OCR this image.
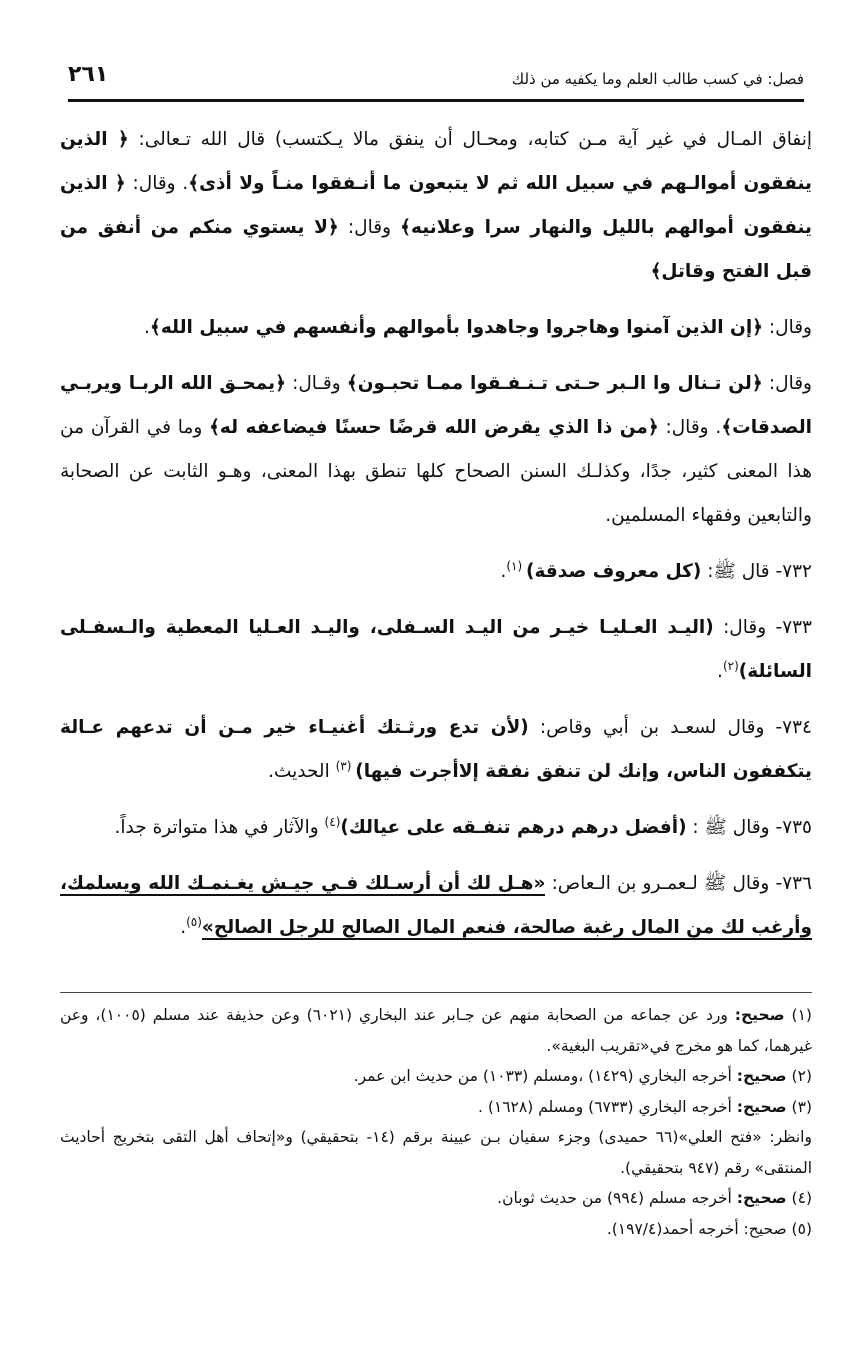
٢٦١	فصل: في كسب طالب العلم وما يكفيه من ذلك

إنفاق المـال في غير آية مـن كتابه، ومحـال أن ينفق مالا يـكتسب) قال الله تـعالى: ﴿ الذين ينفقون أموالـهم في سبيل الله ثم لا يتبعون ما أنـفقوا منـاً ولا أذى﴾. وقال: ﴿ الذين ينفقون أموالهم بالليل والنهار سرا وعلانيه﴾ وقال: ﴿لا يستوي منكم من أنفق من قبل الفتح وقاتل﴾

وقال: ﴿إن الذين آمنوا وهاجروا وجاهدوا بأموالهم وأنفسهم في سبيل الله﴾.

وقال: ﴿لن تـنال وا الـبر حـتى تـنـفـقوا ممـا تحبـون﴾ وقـال: ﴿يمحـق الله الربـا ويربـي الصدقات﴾. وقال: ﴿من ذا الذي يقرض الله قرضًا حسنًا فيضاعفه له﴾ وما في القرآن من هذا المعنى كثير، جدًا، وكذلـك السنن الصحاح كلها تنطق بهذا المعنى، وهـو الثابت عن الصحابة والتابعين وفقهاء المسلمين.

٧٣٢- قال ﷺ: (كل معروف صدقة) $^{(١)}$.

٧٣٣- وقال: (اليـد العـليـا خيـر من اليـد السـفلى، واليـد العـليا المعطية والـسفـلى السائلة)$^{(٢)}$.

٧٣٤- وقال لسعـد بن أبي وقاص: (لأن تدع ورثـتك أغنيـاء خير مـن أن تدعهم عـالة يتكففون الناس، وإنك لن تنفق نفقة إلاأجرت فيها) $^{(٣)}$ الحديث.

٧٣٥- وقال ﷺ : (أفضل درهم درهم تنفـقه على عيالك)$^{(٤)}$ والآثار في هذا متواترة جداً.

٧٣٦- وقال ﷺ لـعمـرو بن الـعاص: «هـل لك أن أرسـلك فـي جيـش يغـنمـك الله ويسلمك، وأرغب لك من المال رغبة صالحة، فنعم المال الصالح للرجل الصالح»$^{(٥)}$.

(١) صحيح: ورد عن جماعه من الصحابة منهم عن جـابر عند البخاري (٦٠٢١) وعن حذيفة عند مسلم (١٠٠٥)، وعن غيرهما، كما هو مخرج في«تقريب البغية».

(٢) صحيح: أخرجه البخاري (١٤٢٩) ،ومسلم (١٠٣٣) من حديث ابن عمر.

(٣) صحيح: أخرجه البخاري (٦٧٣٣) ومسلم (١٦٢٨) .

وانظر: «فتح العلي»(٦٦ حميدى) وجزء سفيان بـن عيينة برقم (١٤- بتحقيقي) و«إتحاف أهل التقى بتخريج أحاديث المنتقى» رقم (٩٤٧ بتحقيقي).

(٤) صحيح: أخرجه مسلم (٩٩٤) من حديث ثوبان.

(٥) صحيح: أخرجه أحمد(١٩٧/٤).
